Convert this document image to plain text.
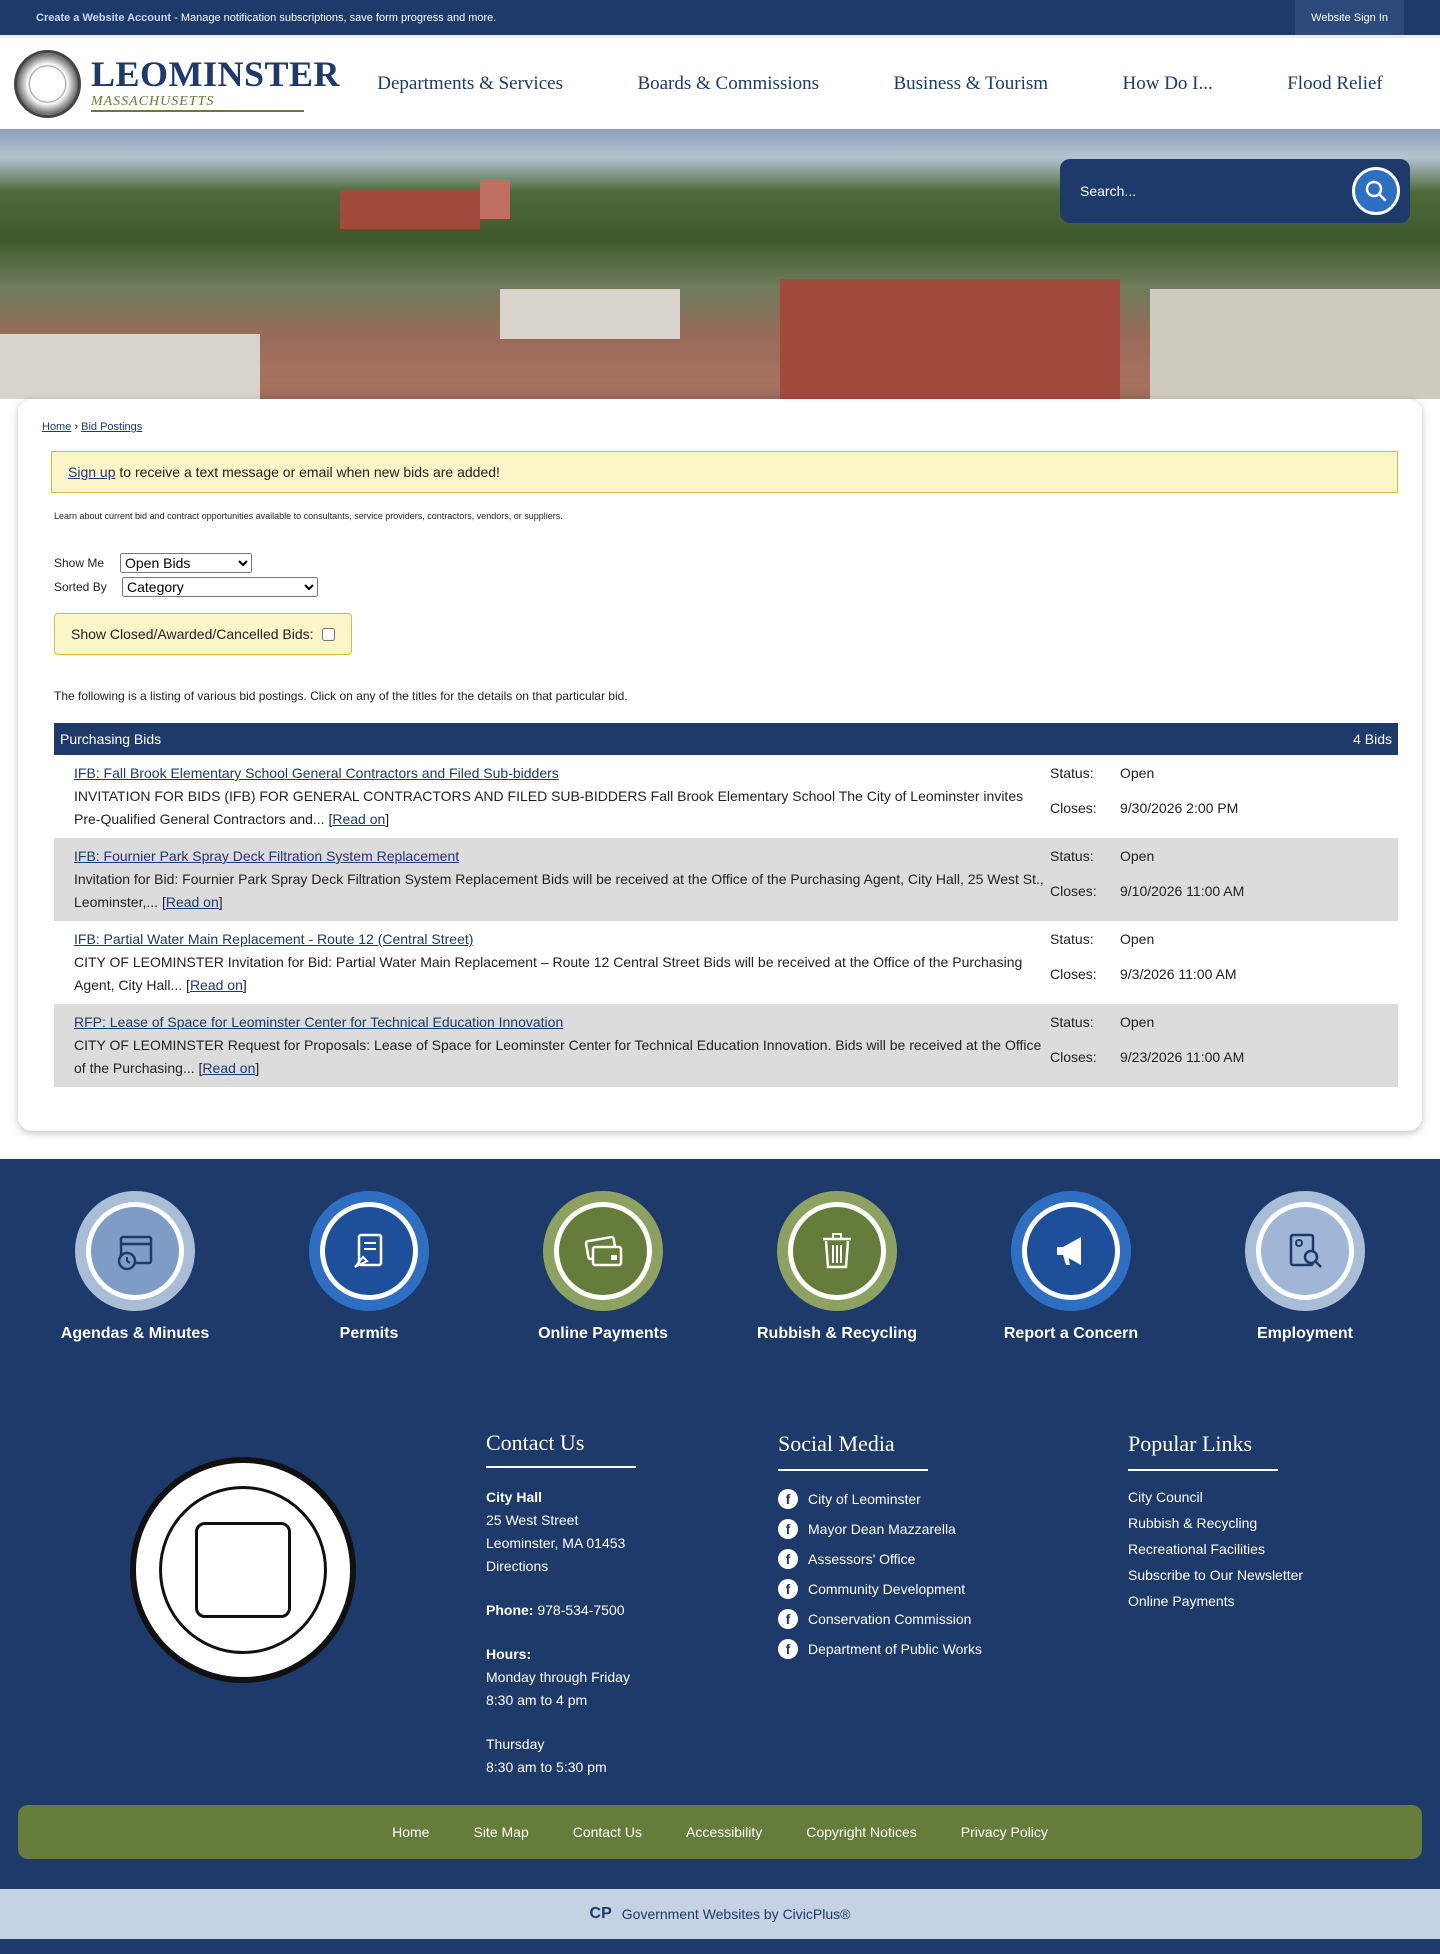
Create a Website Account - Manage notification subscriptions, save form progress and more.	Website Sign In
LEOMINSTER
MASSACHUSETTS
Departments & Services	Boards & Commissions	Business & Tourism	How Do I...	Flood Relief
Search...
Home › Bid Postings
Sign up to receive a text message or email when new bids are added!
Learn about current bid and contract opportunities available to consultants, service providers, contractors, vendors, or suppliers.
Show Me
Open Bids
Sorted By
Category
Show Closed/Awarded/Cancelled Bids:
The following is a listing of various bid postings. Click on any of the titles for the details on that particular bid.
Purchasing Bids	4 Bids
IFB: Fall Brook Elementary School General Contractors and Filed Sub-bidders
INVITATION FOR BIDS (IFB) FOR GENERAL CONTRACTORS AND FILED SUB-BIDDERS Fall Brook Elementary School The City of Leominster invites Pre-Qualified General Contractors and... [Read on]
Status:	Open
Closes:	9/30/2026 2:00 PM
IFB: Fournier Park Spray Deck Filtration System Replacement
Invitation for Bid: Fournier Park Spray Deck Filtration System Replacement Bids will be received at the Office of the Purchasing Agent, City Hall, 25 West St., Leominster,... [Read on]
Status:	Open
Closes:	9/10/2026 11:00 AM
IFB: Partial Water Main Replacement - Route 12 (Central Street)
CITY OF LEOMINSTER Invitation for Bid: Partial Water Main Replacement – Route 12 Central Street Bids will be received at the Office of the Purchasing Agent, City Hall... [Read on]
Status:	Open
Closes:	9/3/2026 11:00 AM
RFP: Lease of Space for Leominster Center for Technical Education Innovation
CITY OF LEOMINSTER Request for Proposals: Lease of Space for Leominster Center for Technical Education Innovation. Bids will be received at the Office of the Purchasing... [Read on]
Status:	Open
Closes:	9/23/2026 11:00 AM
Agendas & Minutes	Permits	Online Payments	Rubbish & Recycling	Report a Concern	Employment
Contact Us
City Hall
25 West Street
Leominster, MA 01453
Directions
Phone: 978-534-7500
Hours:
Monday through Friday
8:30 am to 4 pm
Thursday
8:30 am to 5:30 pm
Social Media
f	City of Leominster
f	Mayor Dean Mazzarella
f	Assessors' Office
f	Community Development
f	Conservation Commission
f	Department of Public Works
Popular Links
City Council
Rubbish & Recycling
Recreational Facilities
Subscribe to Our Newsletter
Online Payments
Home	Site Map	Contact Us	Accessibility	Copyright Notices	Privacy Policy
CP Government Websites by CivicPlus®
